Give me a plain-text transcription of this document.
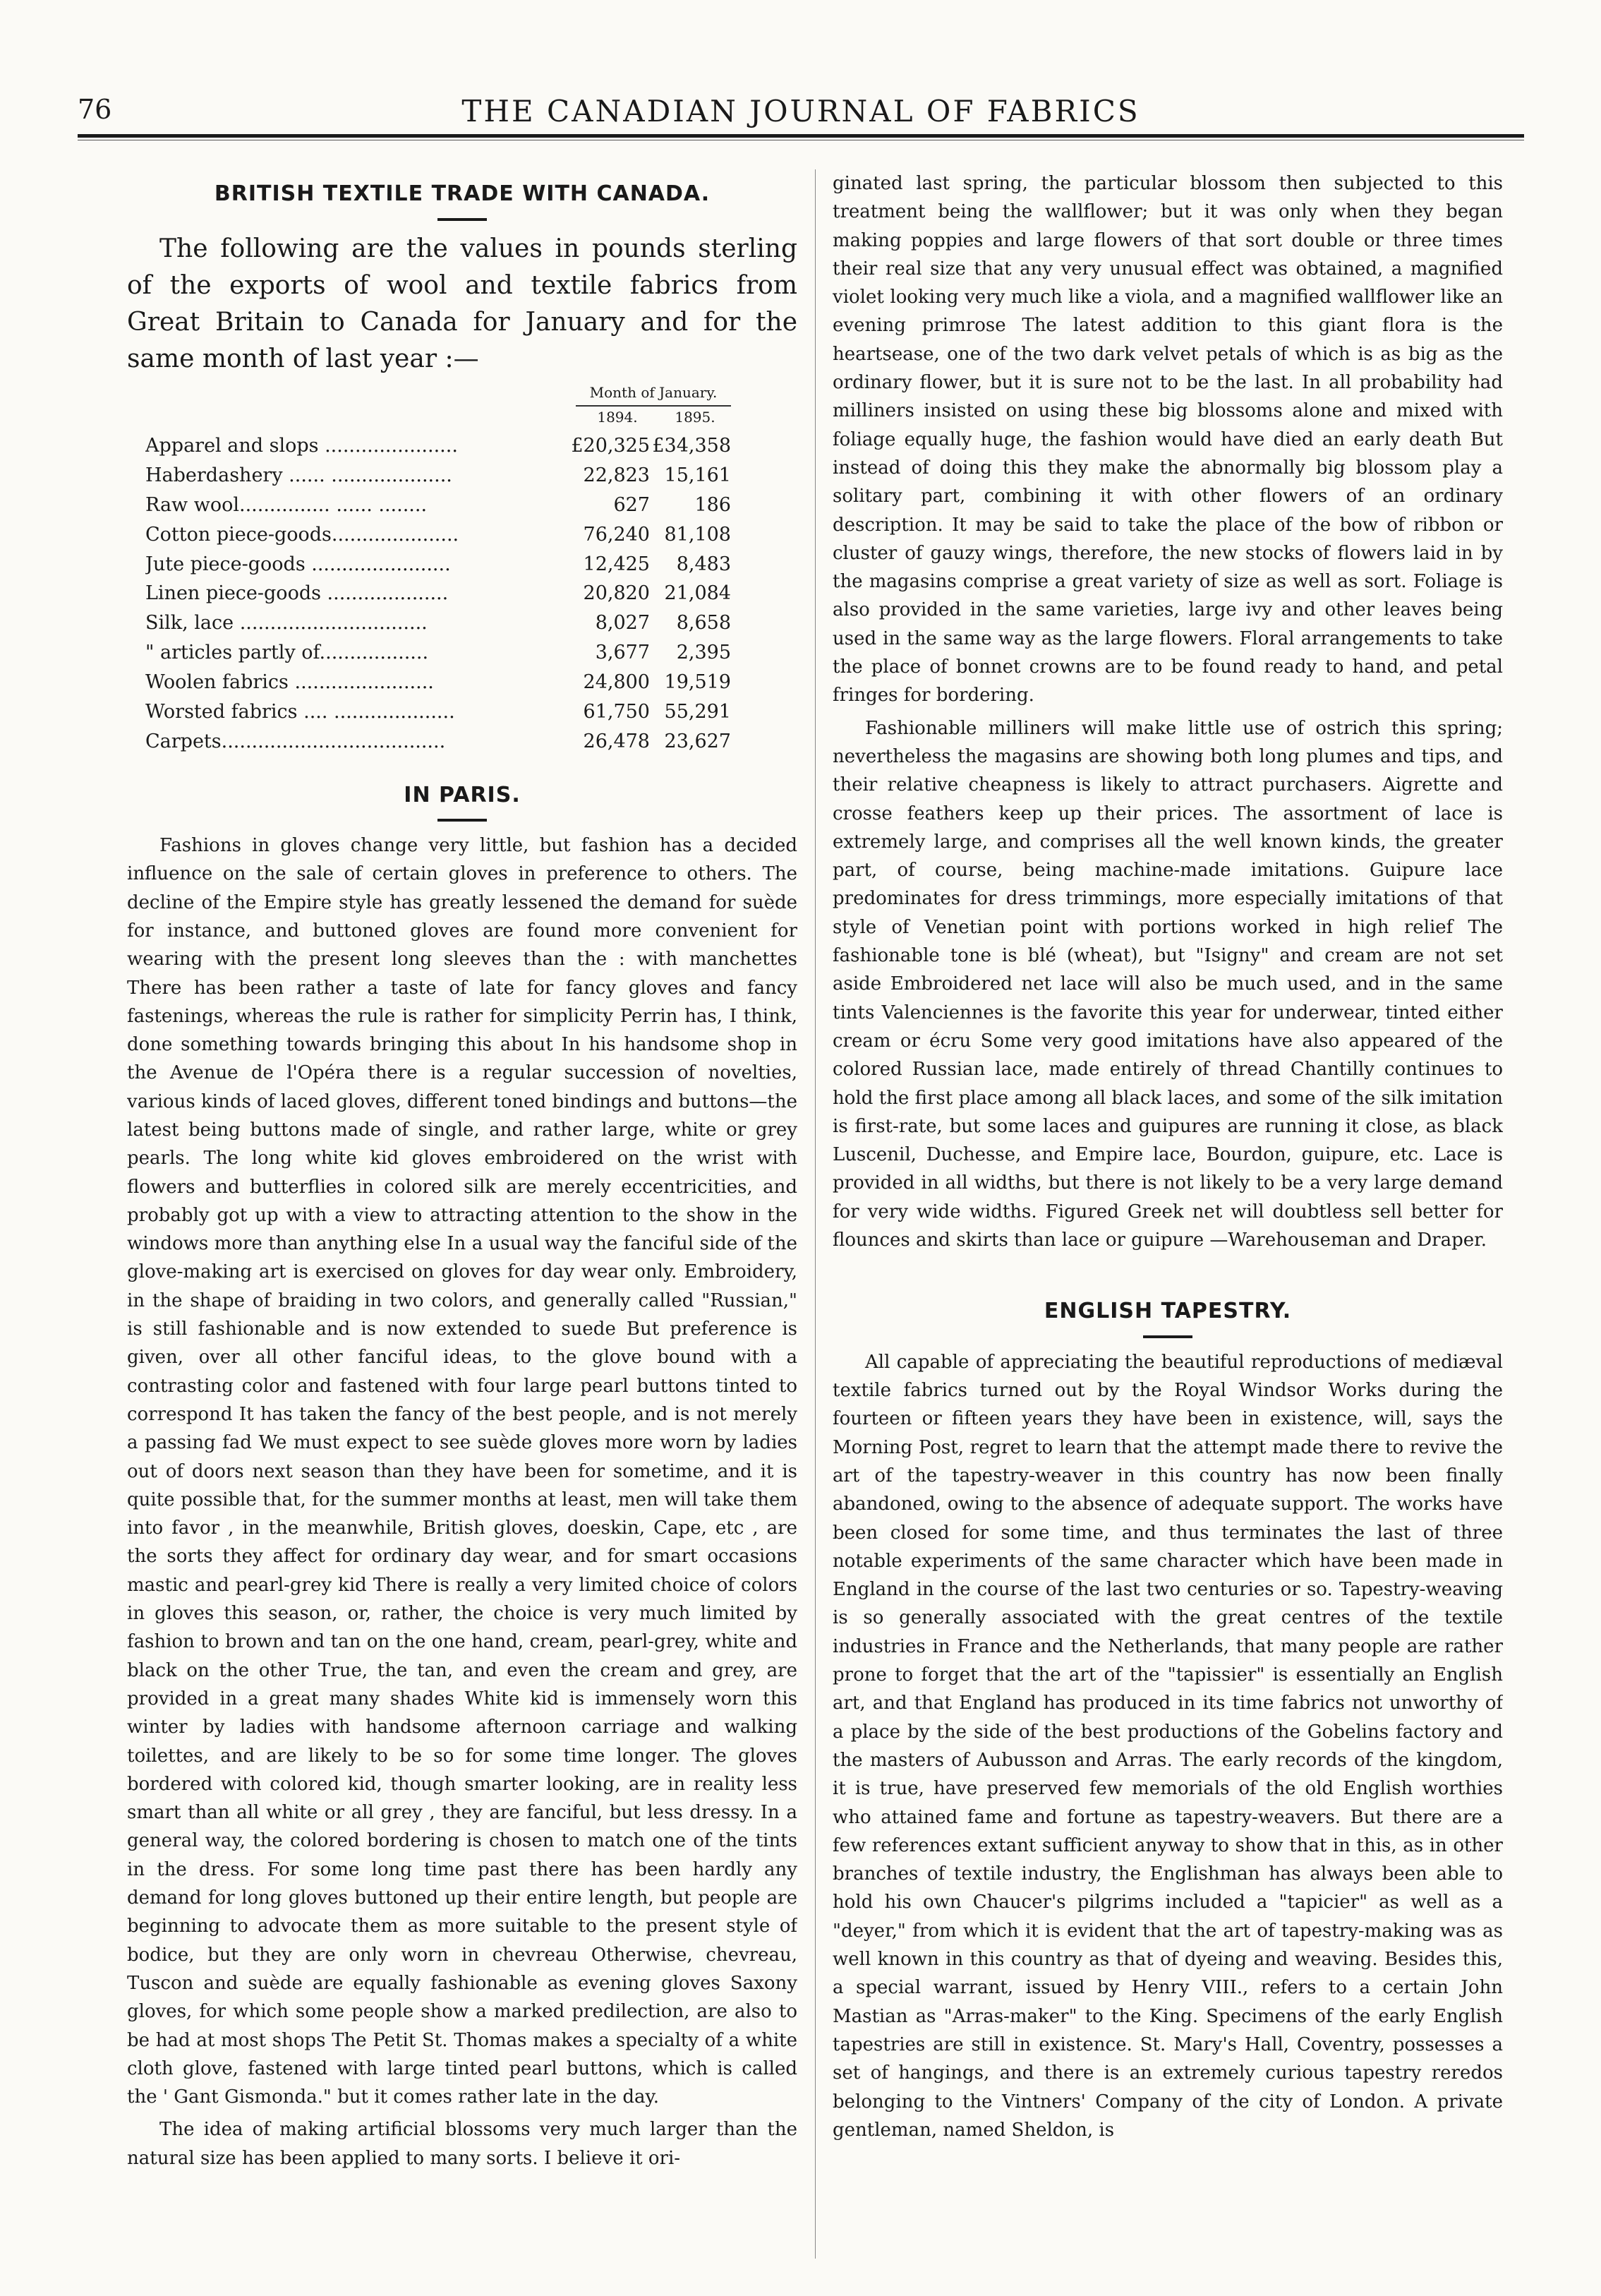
76	THE CANADIAN JOURNAL OF FABRICS
BRITISH TEXTILE TRADE WITH CANADA.

The following are the values in pounds sterling of the exports of wool and textile fabrics from Great Britain to Canada for January and for the same month of last year :—

Month of January.
1894.	1895.
Apparel and slops ......................	£20,325	£34,358
Haberdashery ...... ....................	22,823	15,161
Raw wool............... ...... ........	627	186
Cotton piece-goods.....................	76,240	81,108
Jute piece-goods .......................	12,425	8,483
Linen piece-goods ....................	20,820	21,084
Silk, lace ...............................	8,027	8,658
" articles partly of..................	3,677	2,395
Woolen fabrics .......................	24,800	19,519
Worsted fabrics .... ....................	61,750	55,291
Carpets.....................................	26,478	23,627
IN PARIS.

Fashions in gloves change very little, but fashion has a decided influence on the sale of certain gloves in preference to others. The decline of the Empire style has greatly lessened the demand for suède for instance, and buttoned gloves are found more convenient for wearing with the present long sleeves than the : with manchettes There has been rather a taste of late for fancy gloves and fancy fastenings, whereas the rule is rather for simplicity Perrin has, I think, done something towards bringing this about In his handsome shop in the Avenue de l'Opéra there is a regular succession of novelties, various kinds of laced gloves, different toned bindings and buttons—the latest being buttons made of single, and rather large, white or grey pearls. The long white kid gloves embroidered on the wrist with flowers and butterflies in colored silk are merely eccentricities, and probably got up with a view to attracting attention to the show in the windows more than anything else In a usual way the fanciful side of the glove-making art is exercised on gloves for day wear only. Embroidery, in the shape of braiding in two colors, and generally called "Russian," is still fashionable and is now extended to suede But preference is given, over all other fanciful ideas, to the glove bound with a contrasting color and fastened with four large pearl buttons tinted to correspond It has taken the fancy of the best people, and is not merely a passing fad We must expect to see suède gloves more worn by ladies out of doors next season than they have been for sometime, and it is quite possible that, for the summer months at least, men will take them into favor , in the meanwhile, British gloves, doeskin, Cape, etc , are the sorts they affect for ordinary day wear, and for smart occasions mastic and pearl-grey kid There is really a very limited choice of colors in gloves this season, or, rather, the choice is very much limited by fashion to brown and tan on the one hand, cream, pearl-grey, white and black on the other True, the tan, and even the cream and grey, are provided in a great many shades White kid is immensely worn this winter by ladies with handsome afternoon carriage and walking toilettes, and are likely to be so for some time longer. The gloves bordered with colored kid, though smarter looking, are in reality less smart than all white or all grey , they are fanciful, but less dressy. In a general way, the colored bordering is chosen to match one of the tints in the dress. For some long time past there has been hardly any demand for long gloves buttoned up their entire length, but people are beginning to advocate them as more suitable to the present style of bodice, but they are only worn in chevreau Otherwise, chevreau, Tuscon and suède are equally fashionable as evening gloves Saxony gloves, for which some people show a marked predilection, are also to be had at most shops The Petit St. Thomas makes a specialty of a white cloth glove, fastened with large tinted pearl buttons, which is called the ' Gant Gismonda." but it comes rather late in the day.

The idea of making artificial blossoms very much larger than the natural size has been applied to many sorts. I believe it ori-

ginated last spring, the particular blossom then subjected to this treatment being the wallflower; but it was only when they began making poppies and large flowers of that sort double or three times their real size that any very unusual effect was obtained, a magnified violet looking very much like a viola, and a magnified wallflower like an evening primrose The latest addition to this giant flora is the heartsease, one of the two dark velvet petals of which is as big as the ordinary flower, but it is sure not to be the last. In all probability had milliners insisted on using these big blossoms alone and mixed with foliage equally huge, the fashion would have died an early death But instead of doing this they make the abnormally big blossom play a solitary part, combining it with other flowers of an ordinary description. It may be said to take the place of the bow of ribbon or cluster of gauzy wings, therefore, the new stocks of flowers laid in by the magasins comprise a great variety of size as well as sort. Foliage is also provided in the same varieties, large ivy and other leaves being used in the same way as the large flowers. Floral arrangements to take the place of bonnet crowns are to be found ready to hand, and petal fringes for bordering.

Fashionable milliners will make little use of ostrich this spring; nevertheless the magasins are showing both long plumes and tips, and their relative cheapness is likely to attract purchasers. Aigrette and crosse feathers keep up their prices. The assortment of lace is extremely large, and comprises all the well known kinds, the greater part, of course, being machine-made imitations. Guipure lace predominates for dress trimmings, more especially imitations of that style of Venetian point with portions worked in high relief The fashionable tone is blé (wheat), but "Isigny" and cream are not set aside Embroidered net lace will also be much used, and in the same tints Valenciennes is the favorite this year for underwear, tinted either cream or écru Some very good imitations have also appeared of the colored Russian lace, made entirely of thread Chantilly continues to hold the first place among all black laces, and some of the silk imitation is first-rate, but some laces and guipures are running it close, as black Luscenil, Duchesse, and Empire lace, Bourdon, guipure, etc. Lace is provided in all widths, but there is not likely to be a very large demand for very wide widths. Figured Greek net will doubtless sell better for flounces and skirts than lace or guipure —Warehouseman and Draper.

ENGLISH TAPESTRY.

All capable of appreciating the beautiful reproductions of mediæval textile fabrics turned out by the Royal Windsor Works during the fourteen or fifteen years they have been in existence, will, says the Morning Post, regret to learn that the attempt made there to revive the art of the tapestry-weaver in this country has now been finally abandoned, owing to the absence of adequate support. The works have been closed for some time, and thus terminates the last of three notable experiments of the same character which have been made in England in the course of the last two centuries or so. Tapestry-weaving is so generally associated with the great centres of the textile industries in France and the Netherlands, that many people are rather prone to forget that the art of the "tapissier" is essentially an English art, and that England has produced in its time fabrics not unworthy of a place by the side of the best productions of the Gobelins factory and the masters of Aubusson and Arras. The early records of the kingdom, it is true, have preserved few memorials of the old English worthies who attained fame and fortune as tapestry-weavers. But there are a few references extant sufficient anyway to show that in this, as in other branches of textile industry, the Englishman has always been able to hold his own Chaucer's pilgrims included a "tapicier" as well as a "deyer," from which it is evident that the art of tapestry-making was as well known in this country as that of dyeing and weaving. Besides this, a special warrant, issued by Henry VIII., refers to a certain John Mastian as "Arras-maker" to the King. Specimens of the early English tapestries are still in existence. St. Mary's Hall, Coventry, possesses a set of hangings, and there is an extremely curious tapestry reredos belonging to the Vintners' Company of the city of London. A private gentleman, named Sheldon, is
